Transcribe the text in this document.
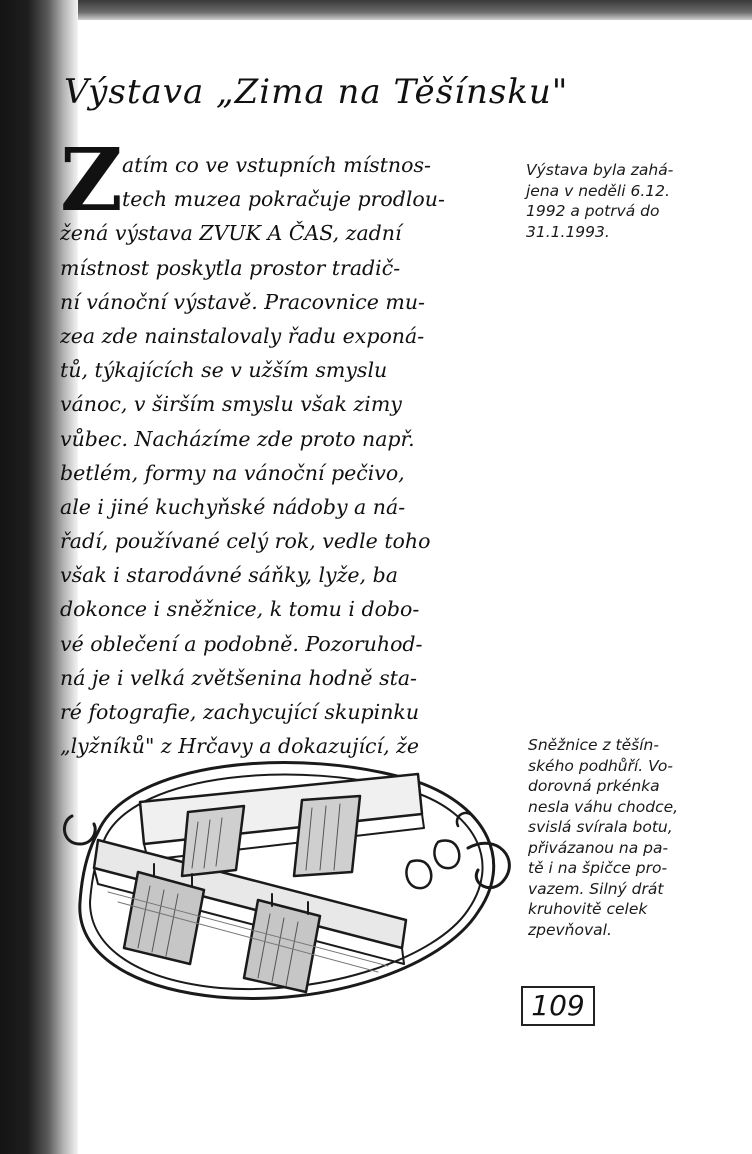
Výstava „Zima na Těšínsku"
Z atím co ve vstupních místnos-
tech muzea pokračuje prodlou-
žená výstava ZVUK A ČAS, zadní
místnost poskytla prostor tradič-
ní vánoční výstavě. Pracovnice mu-
zea zde nainstalovaly řadu exponá-
tů, týkajících se v užším smyslu
vánoc, v širším smyslu však zimy
vůbec. Nacházíme zde proto např.
betlém, formy na vánoční pečivo,
ale i jiné kuchyňské nádoby a ná-
řadí, používané celý rok, vedle toho
však i starodávné sáňky, lyže, ba
dokonce i sněžnice, k tomu i dobo-
vé oblečení a podobně. Pozoruhod-
ná je i velká zvětšenina hodně sta-
ré fotografie, zachycující skupinku
„lyžníků" z Hrčavy a dokazující, že
Výstava byla zahá-
jena v neděli 6.12.
1992 a potrvá do
31.1.1993.
Sněžnice z těšín-
ského podhůří. Vo-
dorovná prkénka
nesla váhu chodce,
svislá svírala botu,
přivázanou na pa-
tě i na špičce pro-
vazem. Silný drát
kruhovitě celek
zpevňoval.
109
